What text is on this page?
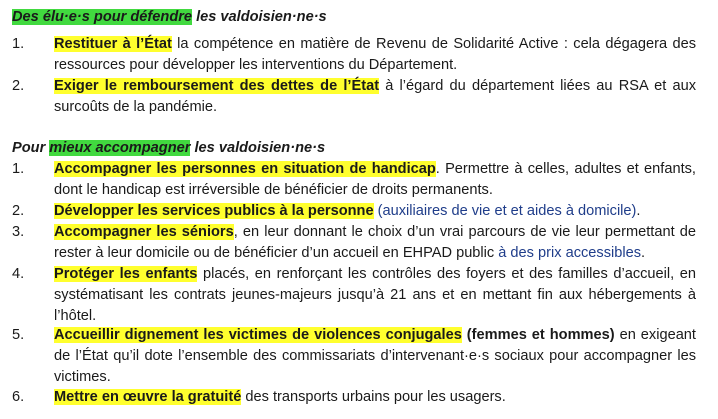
Des élu·e·s pour défendre les valdoisien·ne·s
1. Restituer à l’État la compétence en matière de Revenu de Solidarité Active : cela dégagera des ressources pour développer les interventions du Département.
2. Exiger le remboursement des dettes de l’État à l’égard du département liées au RSA et aux surcoûts de la pandémie.
Pour mieux accompagner les valdoisien·ne·s
1. Accompagner les personnes en situation de handicap. Permettre à celles, adultes et enfants, dont le handicap est irréversible de bénéficier de droits permanents.
2. Développer les services publics à la personne (auxiliaires de vie et et aides à domicile).
3. Accompagner les séniors, en leur donnant le choix d’un vrai parcours de vie leur permettant de rester à leur domicile ou de bénéficier d’un accueil en EHPAD public à des prix accessibles.
4. Protéger les enfants placés, en renforçant les contrôles des foyers et des familles d’accueil, en systématisant les contrats jeunes-majeurs jusqu’à 21 ans et en mettant fin aux hébergements à l’hôtel.
5. Accueillir dignement les victimes de violences conjugales (femmes et hommes) en exigeant de l’État qu’il dote l’ensemble des commissariats d’intervenant·e·s sociaux pour accompagner les victimes.
6. Mettre en œuvre la gratuité des transports urbains pour les usagers.
